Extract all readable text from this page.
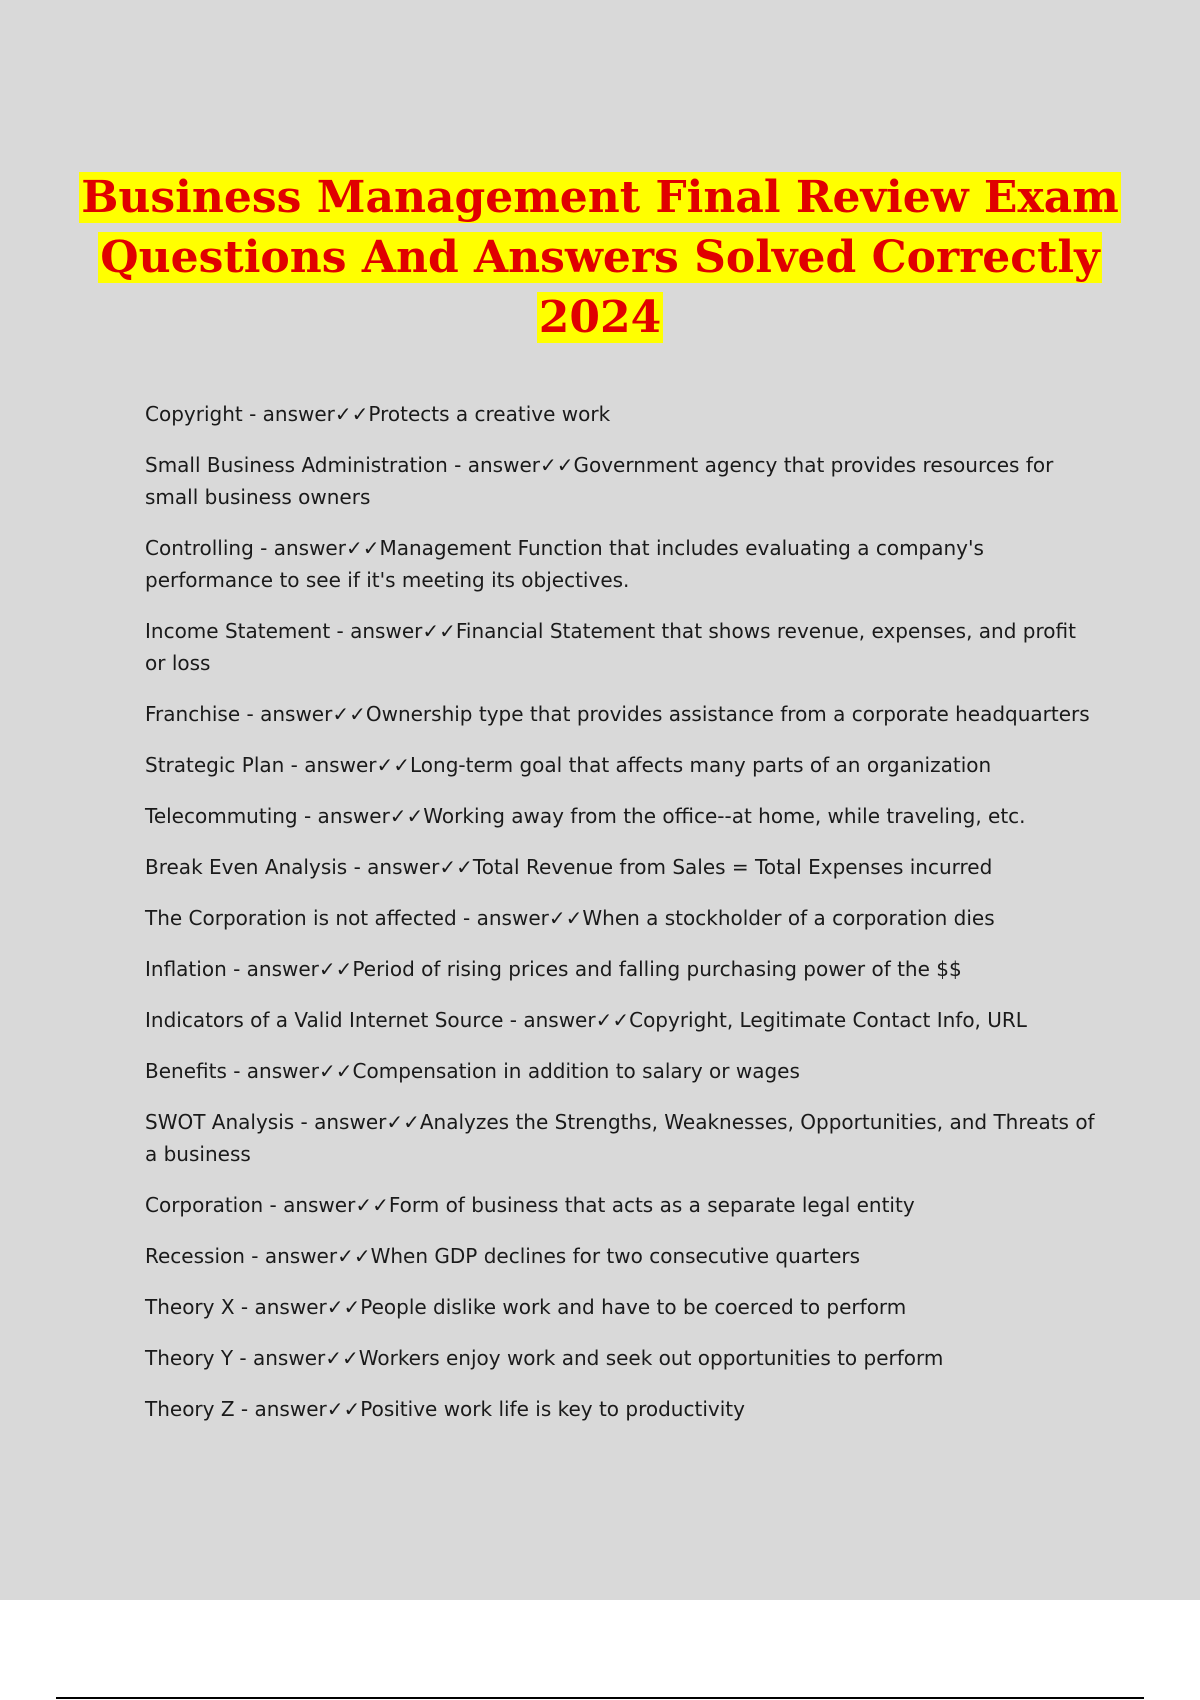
Business Management Final Review Exam
Questions And Answers Solved Correctly
2024

Copyright - answer✓✓Protects a creative work

Small Business Administration - answer✓✓Government agency that provides resources for small business owners

Controlling - answer✓✓Management Function that includes evaluating a company's performance to see if it's meeting its objectives.

Income Statement - answer✓✓Financial Statement that shows revenue, expenses, and profit or loss

Franchise - answer✓✓Ownership type that provides assistance from a corporate headquarters

Strategic Plan - answer✓✓Long-term goal that affects many parts of an organization

Telecommuting - answer✓✓Working away from the office--at home, while traveling, etc.

Break Even Analysis - answer✓✓Total Revenue from Sales = Total Expenses incurred

The Corporation is not affected - answer✓✓When a stockholder of a corporation dies

Inflation - answer✓✓Period of rising prices and falling purchasing power of the $$

Indicators of a Valid Internet Source - answer✓✓Copyright, Legitimate Contact Info, URL

Benefits - answer✓✓Compensation in addition to salary or wages

SWOT Analysis - answer✓✓Analyzes the Strengths, Weaknesses, Opportunities, and Threats of a business

Corporation - answer✓✓Form of business that acts as a separate legal entity

Recession - answer✓✓When GDP declines for two consecutive quarters

Theory X - answer✓✓People dislike work and have to be coerced to perform

Theory Y - answer✓✓Workers enjoy work and seek out opportunities to perform

Theory Z - answer✓✓Positive work life is key to productivity
